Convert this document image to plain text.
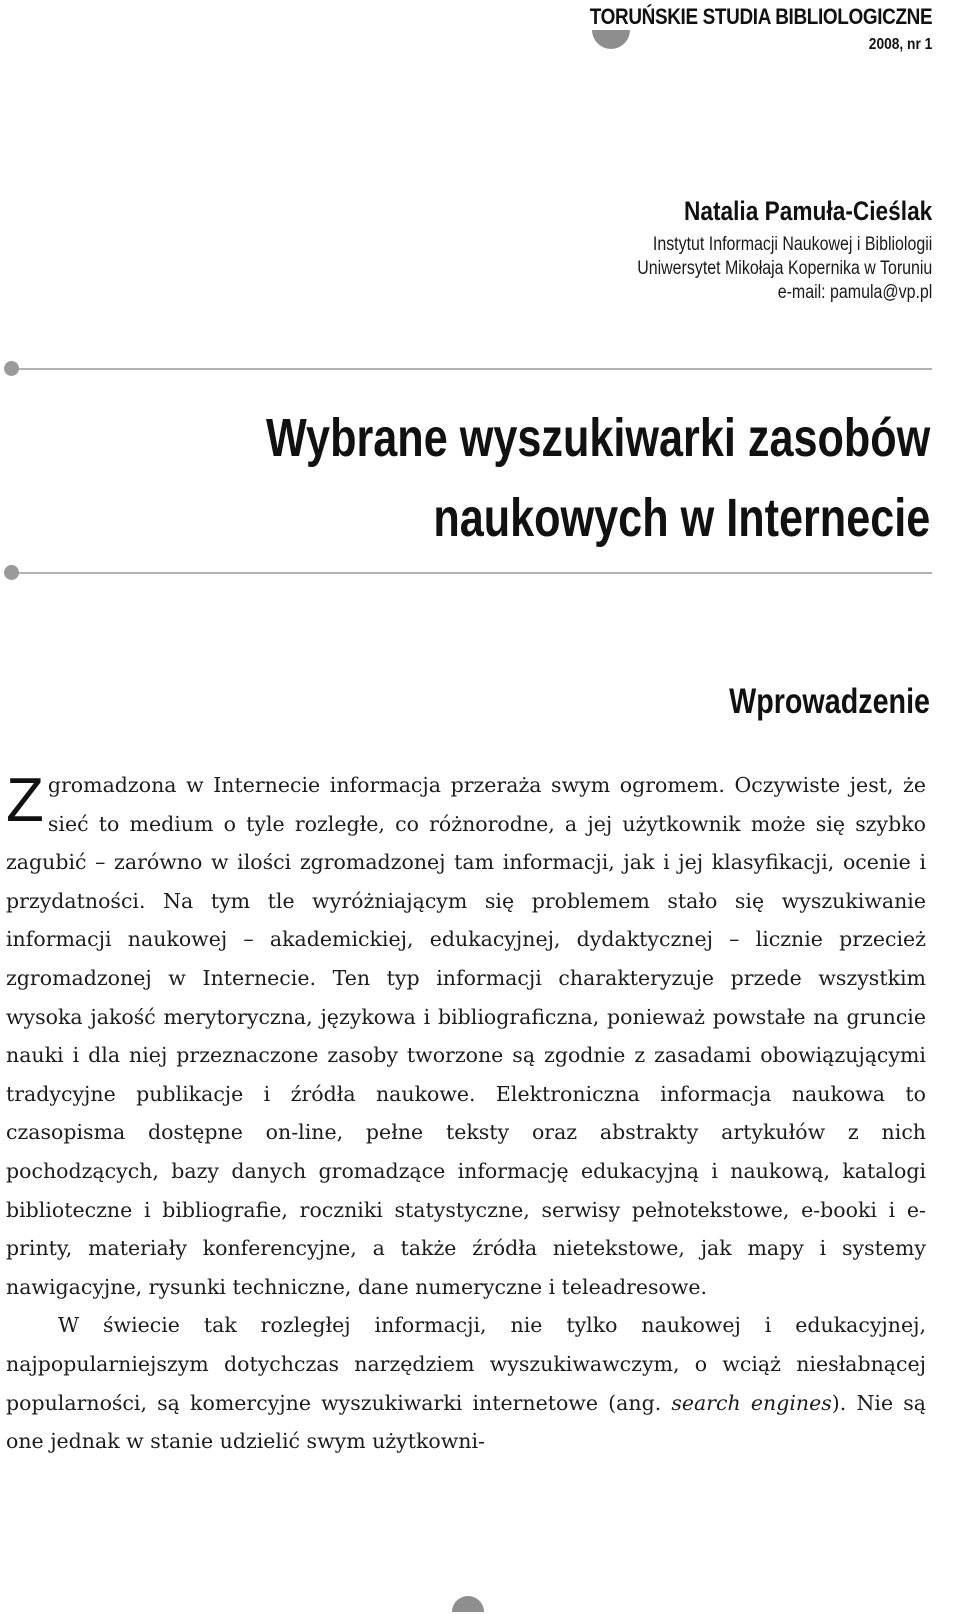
TORUŃSKIE STUDIA BIBLIOLOGICZNE
2008, nr 1
Natalia Pamuła-Cieślak
Instytut Informacji Naukowej i Bibliologii
Uniwersytet Mikołaja Kopernika w Toruniu
e-mail: pamula@vp.pl
Wybrane wyszukiwarki zasobów
naukowych w Internecie
Wprowadzenie

Zgromadzona w Internecie informacja przeraża swym ogromem. Oczywiste jest, że sieć to medium o tyle rozległe, co różnorodne, a jej użytkownik może się szybko zagubić – zarówno w ilości zgromadzonej tam informacji, jak i jej klasyfikacji, ocenie i przydatności. Na tym tle wyróżniającym się problemem stało się wyszukiwanie informacji naukowej – akademickiej, edukacyjnej, dydaktycznej – licznie przecież zgromadzonej w Internecie. Ten typ informacji charakteryzuje przede wszystkim wysoka jakość merytoryczna, językowa i bibliograficzna, ponieważ powstałe na gruncie nauki i dla niej przeznaczone zasoby tworzone są zgodnie z zasadami obowiązującymi tradycyjne publikacje i źródła naukowe. Elektroniczna informacja naukowa to czasopisma dostępne on-line, pełne teksty oraz abstrakty artykułów z nich pochodzących, bazy danych gromadzące informację edukacyjną i naukową, katalogi biblioteczne i bibliografie, roczniki statystyczne, serwisy pełnotekstowe, e-booki i e-printy, materiały konferencyjne, a także źródła nietekstowe, jak mapy i systemy nawigacyjne, rysunki techniczne, dane numeryczne i teleadresowe.

W świecie tak rozległej informacji, nie tylko naukowej i edukacyjnej, najpopularniejszym dotychczas narzędziem wyszukiwawczym, o wciąż niesłabnącej popularności, są komercyjne wyszukiwarki internetowe (ang. search engines). Nie są one jednak w stanie udzielić swym użytkowni-
